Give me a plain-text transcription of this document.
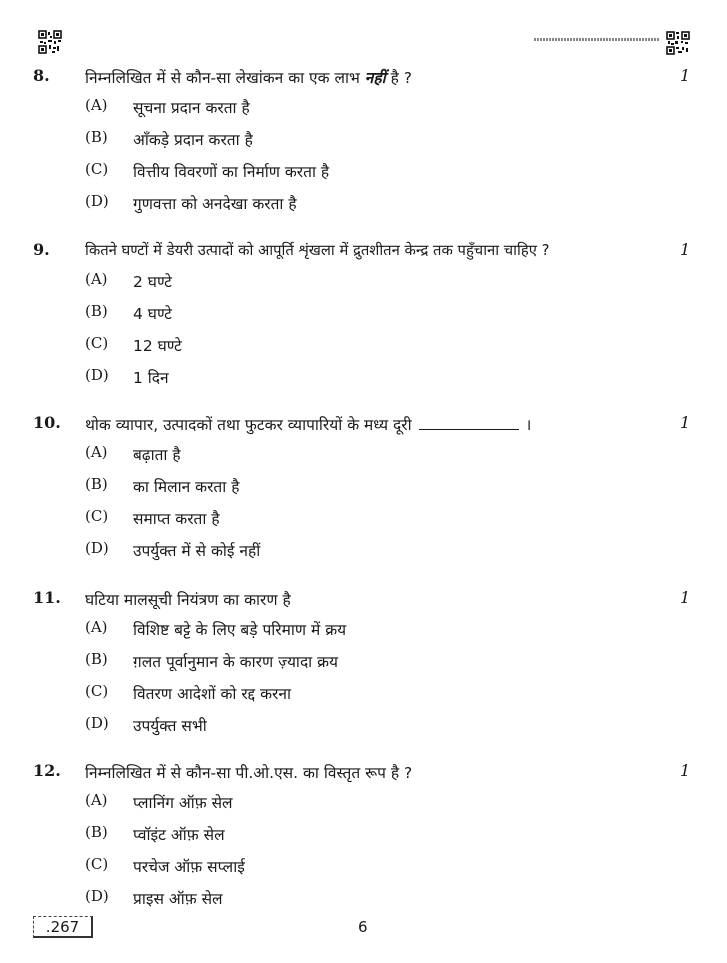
8. निम्नलिखित में से कौन-सा लेखांकन का एक लाभ नहीं है ?	1
(A) सूचना प्रदान करता है
(B) आँकड़े प्रदान करता है
(C) वित्तीय विवरणों का निर्माण करता है
(D) गुणवत्ता को अनदेखा करता है
9. कितने घण्टों में डेयरी उत्पादों को आपूर्ति शृंखला में द्रुतशीतन केन्द्र तक पहुँचाना चाहिए ?	1
(A) 2 घण्टे
(B) 4 घण्टे
(C) 12 घण्टे
(D) 1 दिन
10. थोक व्यापार, उत्पादकों तथा फुटकर व्यापारियों के मध्य दूरी	।	1
(A) बढ़ाता है
(B) का मिलान करता है
(C) समाप्त करता है
(D) उपर्युक्त में से कोई नहीं
11. घटिया मालसूची नियंत्रण का कारण है	1
(A) विशिष्ट बट्टे के लिए बड़े परिमाण में क्रय
(B) ग़लत पूर्वानुमान के कारण ज़्यादा क्रय
(C) वितरण आदेशों को रद्द करना
(D) उपर्युक्त सभी
12. निम्नलिखित में से कौन-सा पी.ओ.एस. का विस्तृत रूप है ?	1
(A) प्लानिंग ऑफ़ सेल
(B) प्वॉइंट ऑफ़ सेल
(C) परचेज ऑफ़ सप्लाई
(D) प्राइस ऑफ़ सेल
.267	6
